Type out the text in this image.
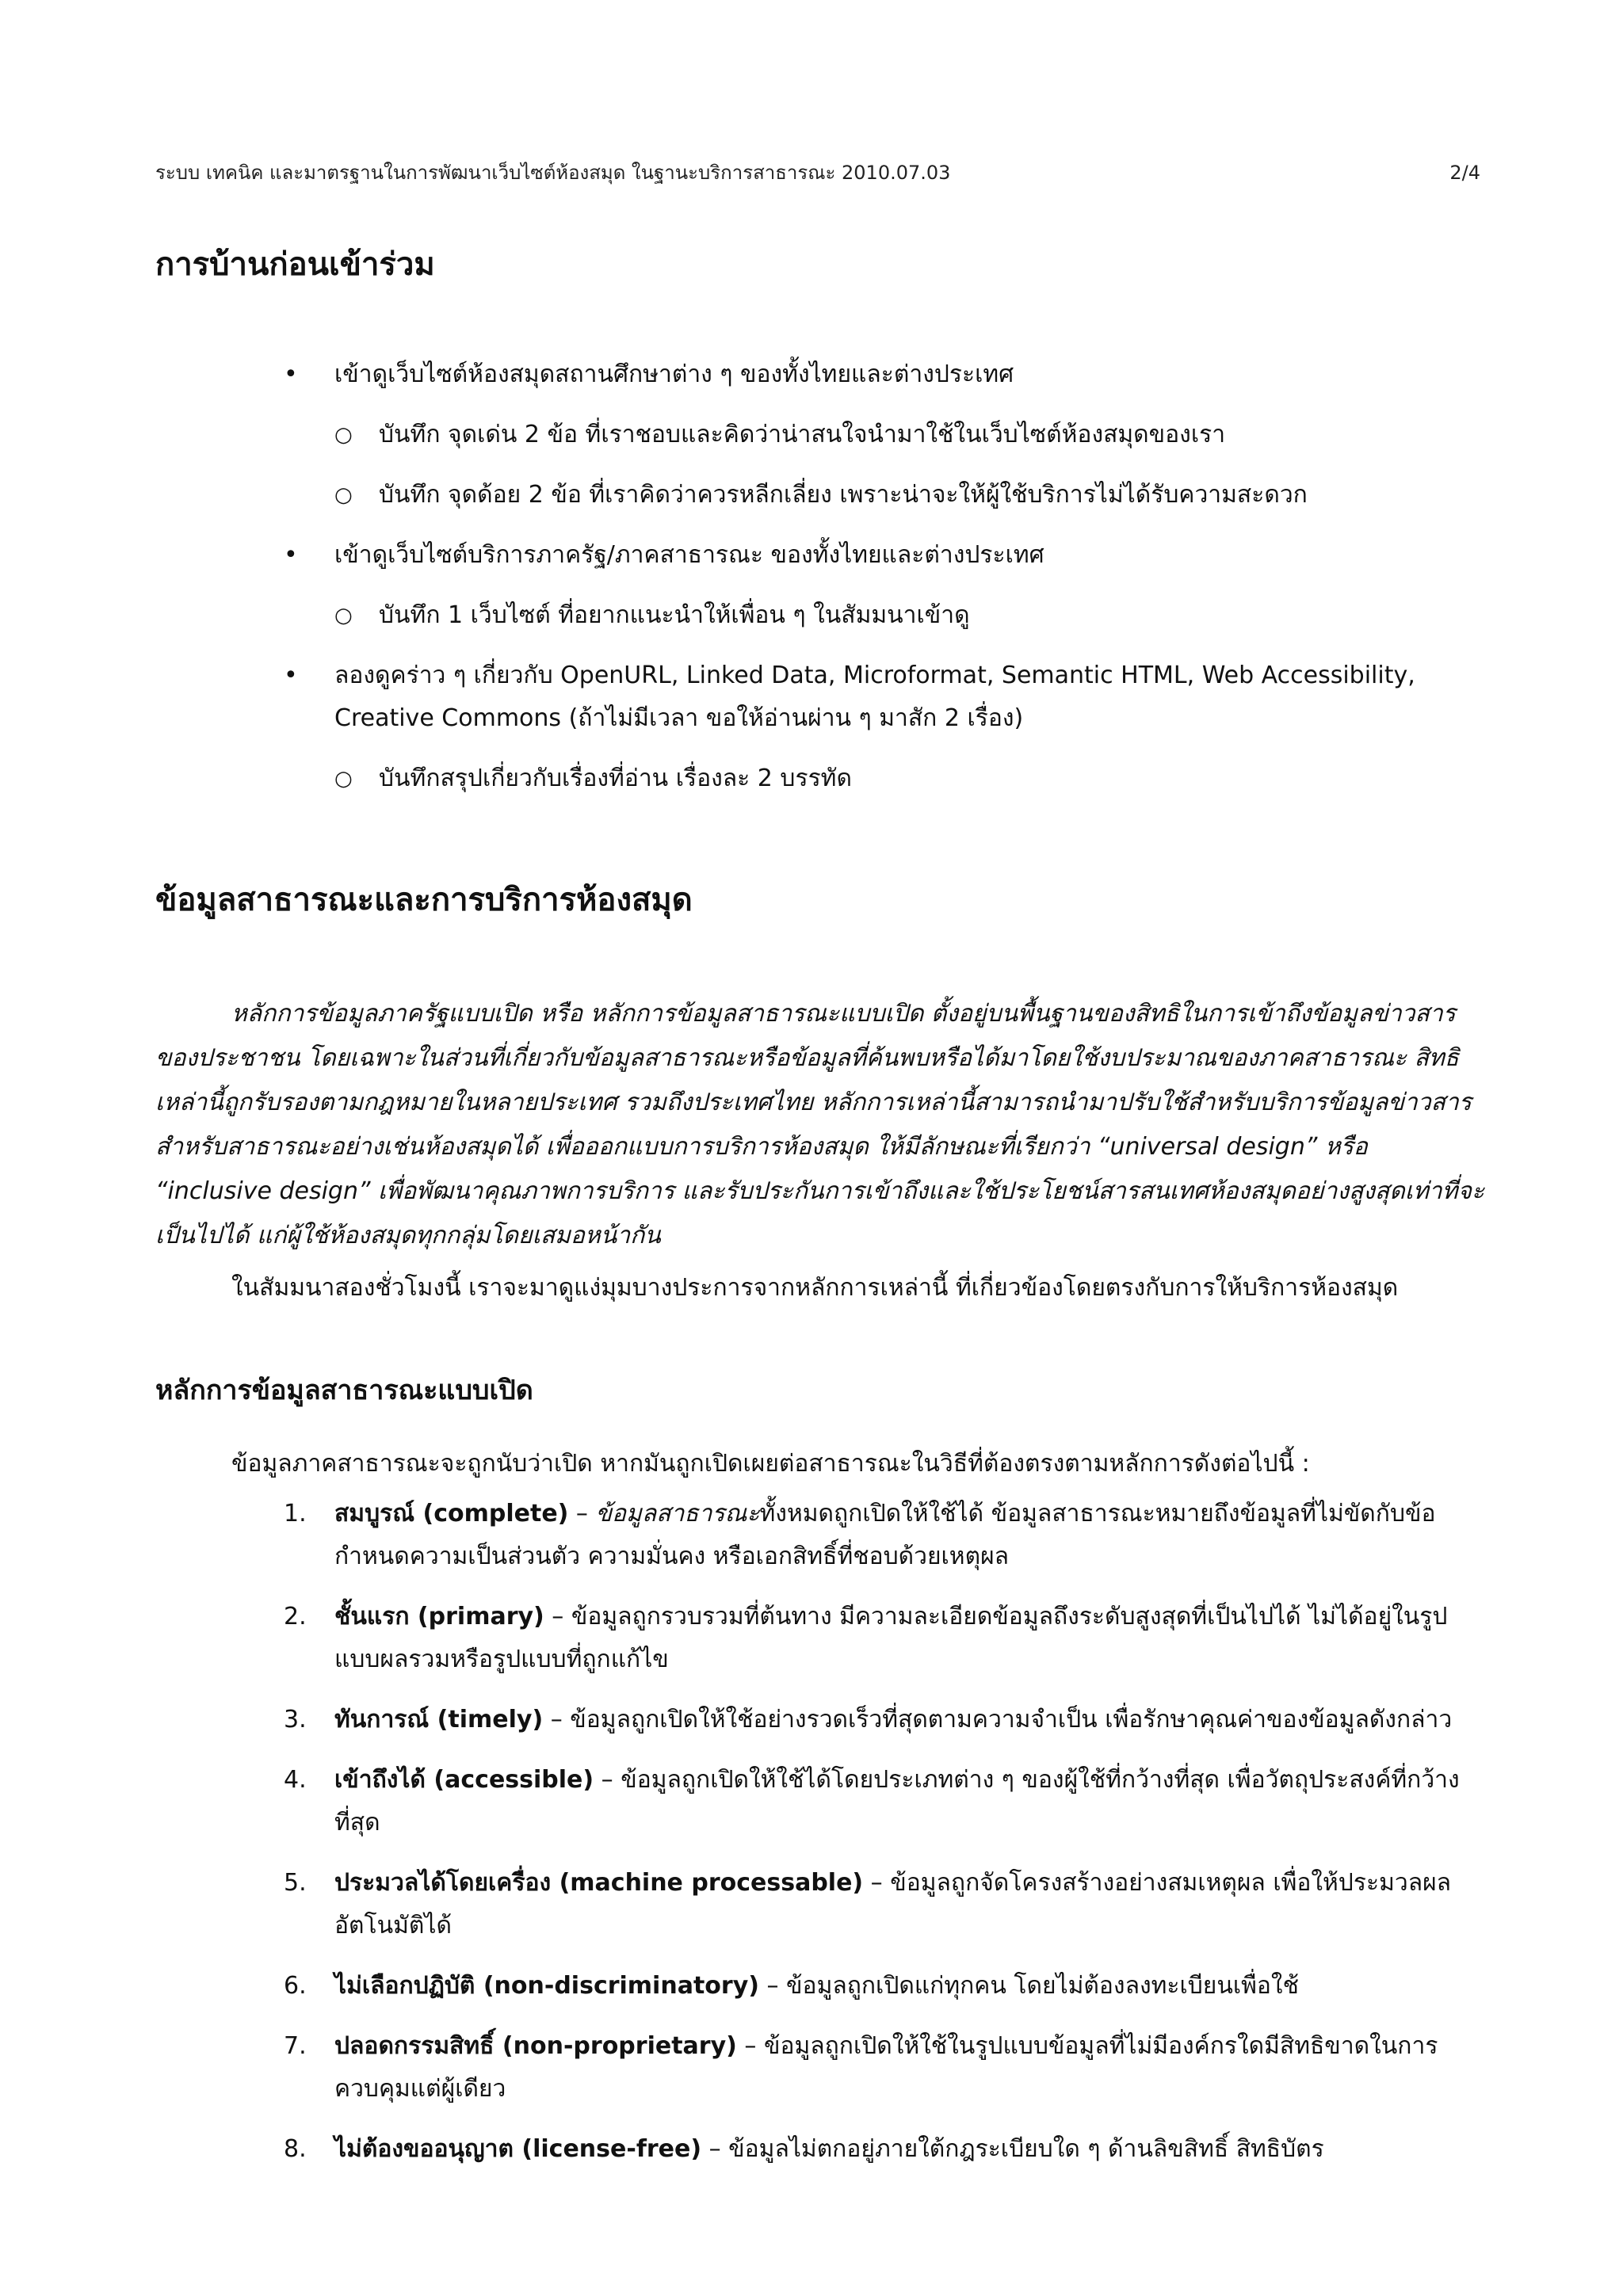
ระบบ เทคนิค และมาตรฐานในการพัฒนาเว็บไซต์ห้องสมุด ในฐานะบริการสาธารณะ 2010.07.03	2/4
การบ้านก่อนเข้าร่วม
• เข้าดูเว็บไซต์ห้องสมุดสถานศึกษาต่าง ๆ ของทั้งไทยและต่างประเทศ
○ บันทึก จุดเด่น 2 ข้อ ที่เราชอบและคิดว่าน่าสนใจนำมาใช้ในเว็บไซต์ห้องสมุดของเรา
○ บันทึก จุดด้อย 2 ข้อ ที่เราคิดว่าควรหลีกเลี่ยง เพราะน่าจะให้ผู้ใช้บริการไม่ได้รับความสะดวก
• เข้าดูเว็บไซต์บริการภาครัฐ/ภาคสาธารณะ ของทั้งไทยและต่างประเทศ
○ บันทึก 1 เว็บไซต์ ที่อยากแนะนำให้เพื่อน ๆ ในสัมมนาเข้าดู
• ลองดูคร่าว ๆ เกี่ยวกับ OpenURL, Linked Data, Microformat, Semantic HTML, Web Accessibility, Creative Commons (ถ้าไม่มีเวลา ขอให้อ่านผ่าน ๆ มาสัก 2 เรื่อง)
○ บันทึกสรุปเกี่ยวกับเรื่องที่อ่าน เรื่องละ 2 บรรทัด
ข้อมูลสาธารณะและการบริการห้องสมุด

หลักการข้อมูลภาครัฐแบบเปิด หรือ หลักการข้อมูลสาธารณะแบบเปิด ตั้งอยู่บนพื้นฐานของสิทธิในการเข้าถึงข้อมูลข่าวสารของประชาชน โดยเฉพาะในส่วนที่เกี่ยวกับข้อมูลสาธารณะหรือข้อมูลที่ค้นพบหรือได้มาโดยใช้งบประมาณของภาคสาธารณะ สิทธิเหล่านี้ถูกรับรองตามกฎหมายในหลายประเทศ รวมถึงประเทศไทย หลักการเหล่านี้สามารถนำมาปรับใช้สำหรับบริการข้อมูลข่าวสารสำหรับสาธารณะอย่างเช่นห้องสมุดได้ เพื่อออกแบบการบริการห้องสมุด ให้มีลักษณะที่เรียกว่า “universal design” หรือ “inclusive design” เพื่อพัฒนาคุณภาพการบริการ และรับประกันการเข้าถึงและใช้ประโยชน์สารสนเทศห้องสมุดอย่างสูงสุดเท่าที่จะเป็นไปได้ แก่ผู้ใช้ห้องสมุดทุกกลุ่มโดยเสมอหน้ากัน

ในสัมมนาสองชั่วโมงนี้ เราจะมาดูแง่มุมบางประการจากหลักการเหล่านี้ ที่เกี่ยวข้องโดยตรงกับการให้บริการห้องสมุด

หลักการข้อมูลสาธารณะแบบเปิด

ข้อมูลภาคสาธารณะจะถูกนับว่าเปิด หากมันถูกเปิดเผยต่อสาธารณะในวิธีที่ต้องตรงตามหลักการดังต่อไปนี้ :

1. สมบูรณ์ (complete) – ข้อมูลสาธารณะทั้งหมดถูกเปิดให้ใช้ได้ ข้อมูลสาธารณะหมายถึงข้อมูลที่ไม่ขัดกับข้อกำหนดความเป็นส่วนตัว ความมั่นคง หรือเอกสิทธิ์ที่ชอบด้วยเหตุผล
2. ชั้นแรก (primary) – ข้อมูลถูกรวบรวมที่ต้นทาง มีความละเอียดข้อมูลถึงระดับสูงสุดที่เป็นไปได้ ไม่ได้อยู่ในรูปแบบผลรวมหรือรูปแบบที่ถูกแก้ไข
3. ทันการณ์ (timely) – ข้อมูลถูกเปิดให้ใช้อย่างรวดเร็วที่สุดตามความจำเป็น เพื่อรักษาคุณค่าของข้อมูลดังกล่าว
4. เข้าถึงได้ (accessible) – ข้อมูลถูกเปิดให้ใช้ได้โดยประเภทต่าง ๆ ของผู้ใช้ที่กว้างที่สุด เพื่อวัตถุประสงค์ที่กว้างที่สุด
5. ประมวลได้โดยเครื่อง (machine processable) – ข้อมูลถูกจัดโครงสร้างอย่างสมเหตุผล เพื่อให้ประมวลผลอัตโนมัติได้
6. ไม่เลือกปฏิบัติ (non-discriminatory) – ข้อมูลถูกเปิดแก่ทุกคน โดยไม่ต้องลงทะเบียนเพื่อใช้
7. ปลอดกรรมสิทธิ์ (non-proprietary) – ข้อมูลถูกเปิดให้ใช้ในรูปแบบข้อมูลที่ไม่มีองค์กรใดมีสิทธิขาดในการควบคุมแต่ผู้เดียว
8. ไม่ต้องขออนุญาต (license-free) – ข้อมูลไม่ตกอยู่ภายใต้กฎระเบียบใด ๆ ด้านลิขสิทธิ์ สิทธิบัตร
